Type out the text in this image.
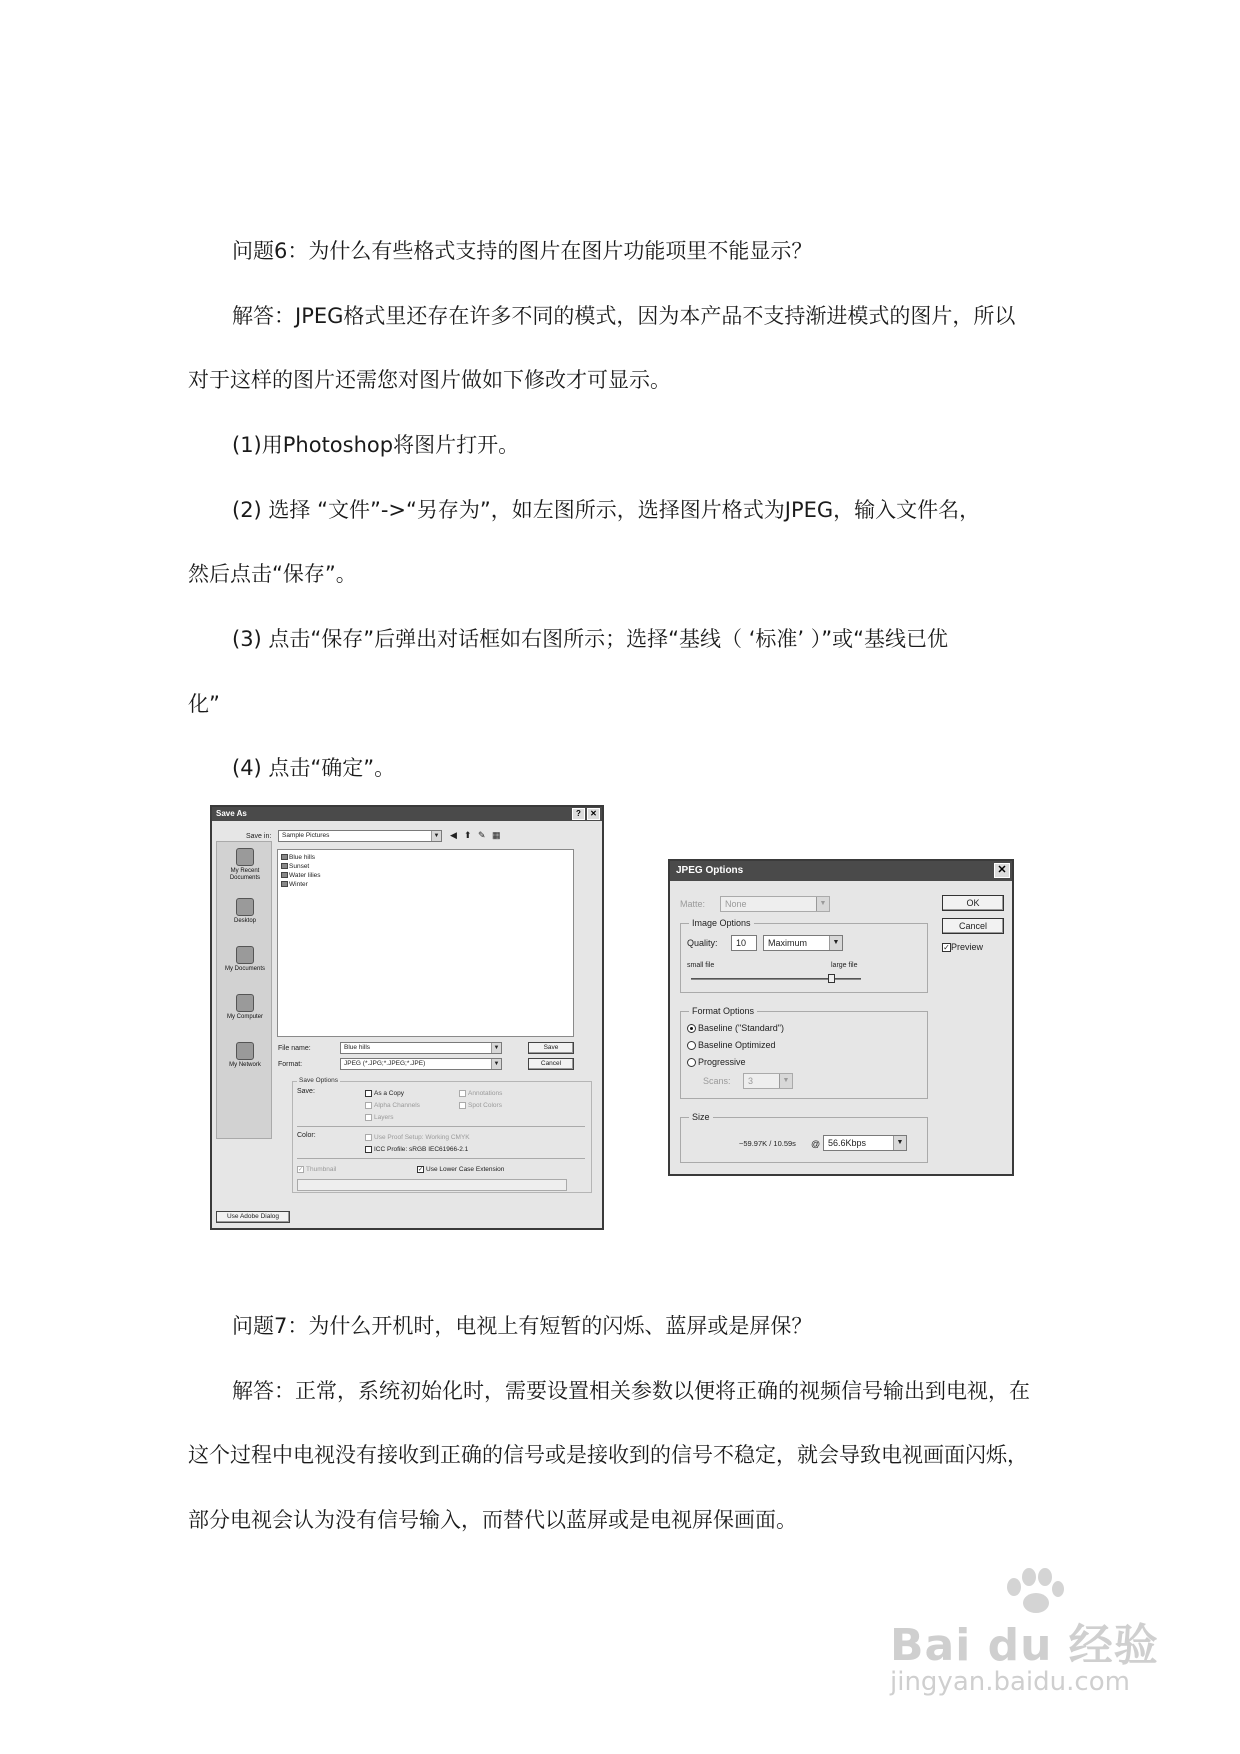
问题6：为什么有些格式支持的图片在图片功能项里不能显示？
解答：JPEG格式里还存在许多不同的模式，因为本产品不支持渐进模式的图片，所以
对于这样的图片还需您对图片做如下修改才可显示。
(1)用Photoshop将图片打开。
(2) 选择 “文件”->“另存为”，如左图所示，选择图片格式为JPEG，输入文件名，
然后点击“保存”。
(3) 点击“保存”后弹出对话框如右图所示；选择“基线（ ‘标准’ ）”或“基线已优
化”
(4) 点击“确定”。
Save As	?	✕
Save in:	Sample Pictures	▼ ◀ ⬆ ✎ ▦
My Recent
Documents
Desktop
My Documents
My Computer
My Network
Blue hills
Sunset
Water lilies
Winter
File name:	Blue hills	▼	Save
Format:	JPEG (*.JPG;*.JPEG;*.JPE)	▼	Cancel
Save Options
Save:	As a Copy	Annotations
Alpha Channels	Spot Colors
Layers
Color:	Use Proof Setup: Working CMYK
ICC Profile: sRGB IEC61966-2.1
✓ Thumbnail	✓ Use Lower Case Extension
Use Adobe Dialog
JPEG Options	✕
Matte:	None	▼	OK
Cancel
✓Preview
Image Options
Quality:	10	Maximum	▼
small file	large file
Format Options
Baseline ("Standard")
Baseline Optimized
Progressive
Scans:	3	▼
Size
~59.97K / 10.59s @ 56.6Kbps	▼
问题7：为什么开机时，电视上有短暂的闪烁、蓝屏或是屏保？
解答：正常，系统初始化时，需要设置相关参数以便将正确的视频信号输出到电视，在
这个过程中电视没有接收到正确的信号或是接收到的信号不稳定，就会导致电视画面闪烁，
部分电视会认为没有信号输入，而替代以蓝屏或是电视屏保画面。
Bai du 经验
jingyan.baidu.com
